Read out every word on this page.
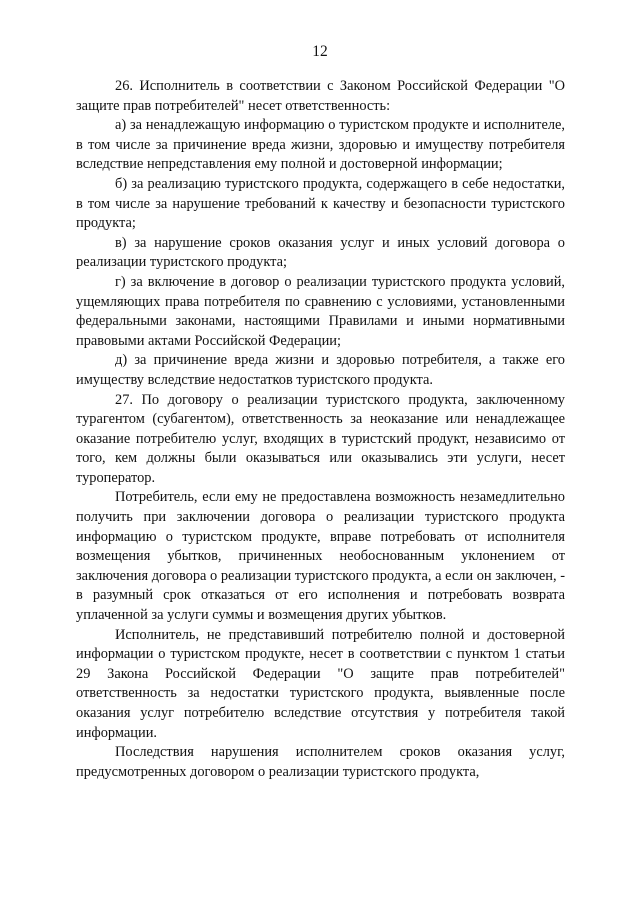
12

26. Исполнитель в соответствии с Законом Российской Федерации "О защите прав потребителей" несет ответственность:

а) за ненадлежащую информацию о туристском продукте и исполнителе, в том числе за причинение вреда жизни, здоровью и имуществу потребителя вследствие непредставления ему полной и достоверной информации;

б) за реализацию туристского продукта, содержащего в себе недостатки, в том числе за нарушение требований к качеству и безопасности туристского продукта;

в) за нарушение сроков оказания услуг и иных условий договора о реализации туристского продукта;

г) за включение в договор о реализации туристского продукта условий, ущемляющих права потребителя по сравнению с условиями, установленными федеральными законами, настоящими Правилами и иными нормативными правовыми актами Российской Федерации;

д) за причинение вреда жизни и здоровью потребителя, а также его имуществу вследствие недостатков туристского продукта.

27. По договору о реализации туристского продукта, заключенному турагентом (субагентом), ответственность за неоказание или ненадлежащее оказание потребителю услуг, входящих в туристский продукт, независимо от того, кем должны были оказываться или оказывались эти услуги, несет туроператор.

Потребитель, если ему не предоставлена возможность незамедлительно получить при заключении договора о реализации туристского продукта информацию о туристском продукте, вправе потребовать от исполнителя возмещения убытков, причиненных необоснованным уклонением от заключения договора о реализации туристского продукта, а если он заключен, - в разумный срок отказаться от его исполнения и потребовать возврата уплаченной за услуги суммы и возмещения других убытков.

Исполнитель, не представивший потребителю полной и достоверной информации о туристском продукте, несет в соответствии с пунктом 1 статьи 29 Закона Российской Федерации "О защите прав потребителей" ответственность за недостатки туристского продукта, выявленные после оказания услуг потребителю вследствие отсутствия у потребителя такой информации.

Последствия нарушения исполнителем сроков оказания услуг, предусмотренных договором о реализации туристского продукта,
